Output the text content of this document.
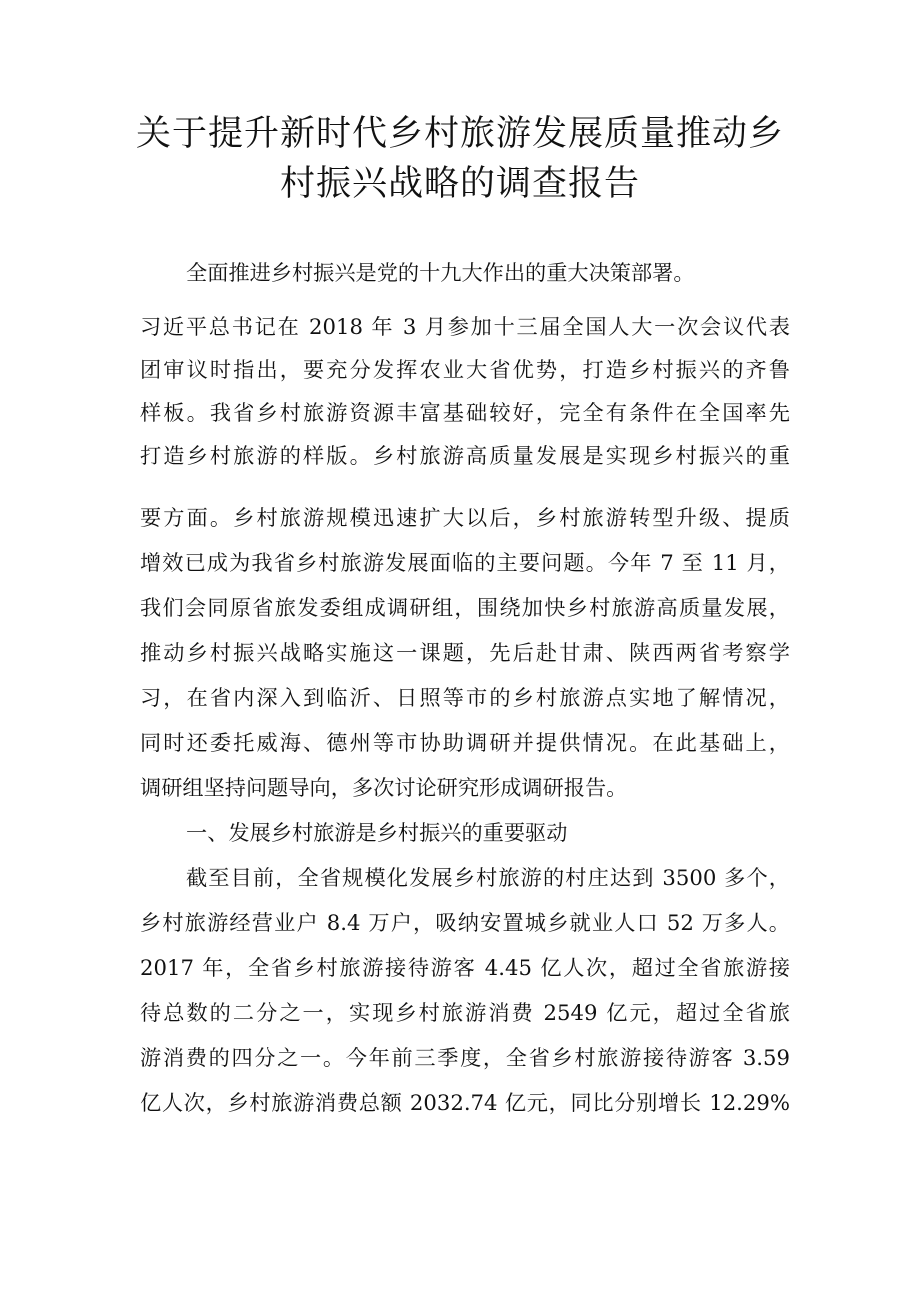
关于提升新时代乡村旅游发展质量推动乡
村振兴战略的调查报告

全面推进乡村振兴是党的十九大作出的重大决策部署。

习近平总书记在 2018 年 3 月参加十三届全国人大一次会议代表

团审议时指出，要充分发挥农业大省优势，打造乡村振兴的齐鲁

样板。我省乡村旅游资源丰富基础较好，完全有条件在全国率先

打造乡村旅游的样版。乡村旅游高质量发展是实现乡村振兴的重

要方面。乡村旅游规模迅速扩大以后，乡村旅游转型升级、提质

增效已成为我省乡村旅游发展面临的主要问题。今年 7 至 11 月，

我们会同原省旅发委组成调研组，围绕加快乡村旅游高质量发展，

推动乡村振兴战略实施这一课题，先后赴甘肃、陕西两省考察学

习，在省内深入到临沂、日照等市的乡村旅游点实地了解情况，

同时还委托威海、德州等市协助调研并提供情况。在此基础上，

调研组坚持问题导向，多次讨论研究形成调研报告。

一、发展乡村旅游是乡村振兴的重要驱动

截至目前，全省规模化发展乡村旅游的村庄达到 3500 多个，

乡村旅游经营业户 8.4 万户，吸纳安置城乡就业人口 52 万多人。

2017 年，全省乡村旅游接待游客 4.45 亿人次，超过全省旅游接

待总数的二分之一，实现乡村旅游消费 2549 亿元，超过全省旅

游消费的四分之一。今年前三季度，全省乡村旅游接待游客 3.59

亿人次，乡村旅游消费总额 2032.74 亿元，同比分别增长 12.29%
